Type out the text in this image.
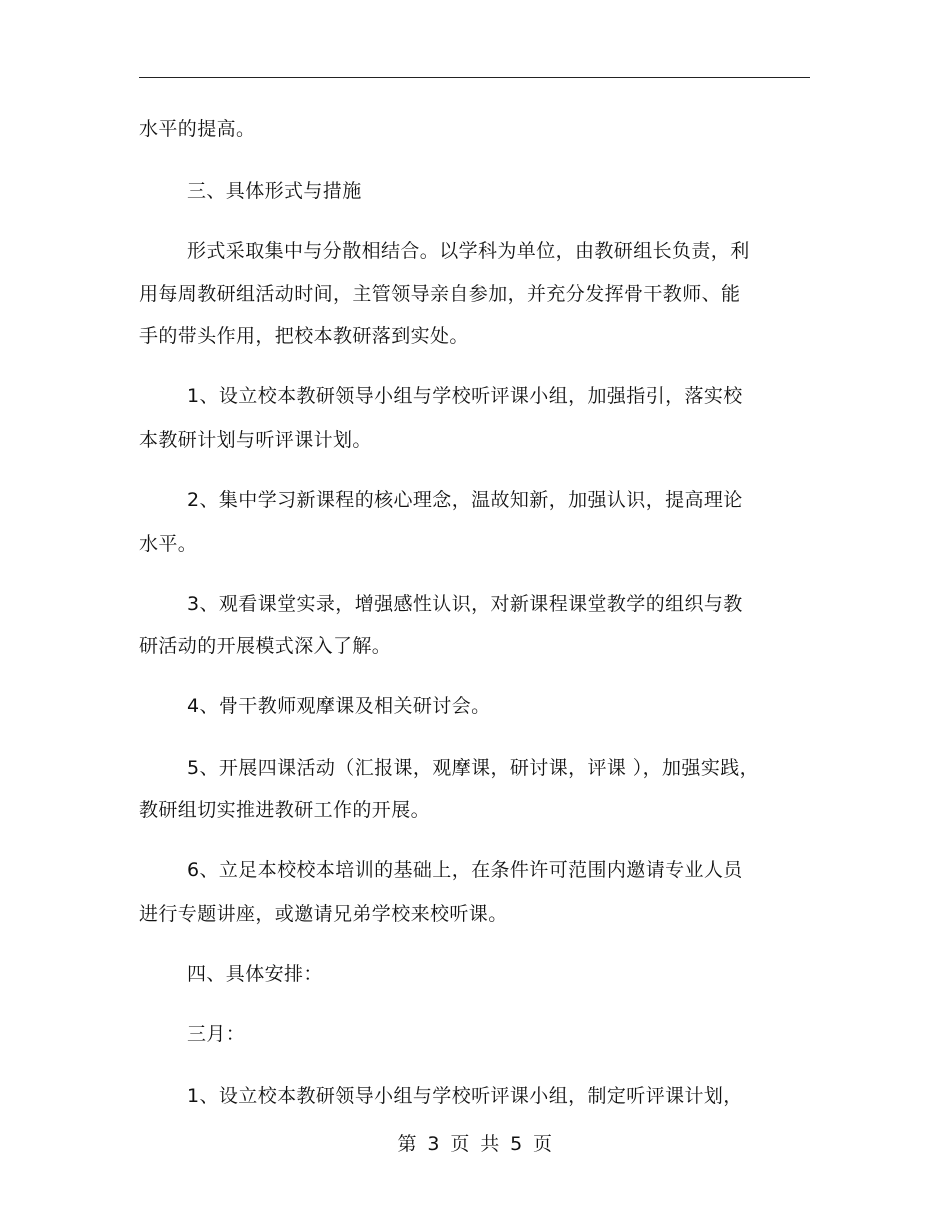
水平的提高。
三、具体形式与措施
形式采取集中与分散相结合。以学科为单位，由教研组长负责，利
用每周教研组活动时间，主管领导亲自参加，并充分发挥骨干教师、能
手的带头作用，把校本教研落到实处。
1、设立校本教研领导小组与学校听评课小组，加强指引，落实校
本教研计划与听评课计划。
2、集中学习新课程的核心理念，温故知新，加强认识，提高理论
水平。
3、观看课堂实录，增强感性认识，对新课程课堂教学的组织与教
研活动的开展模式深入了解。
4、骨干教师观摩课及相关研讨会。
5、开展四课活动（汇报课，观摩课，研讨课，评课 ），加强实践，
教研组切实推进教研工作的开展。
6、立足本校校本培训的基础上，在条件许可范围内邀请专业人员
进行专题讲座，或邀请兄弟学校来校听课。
四、具体安排：
三月：
1、设立校本教研领导小组与学校听评课小组，制定听评课计划，
第 3 页 共 5 页
